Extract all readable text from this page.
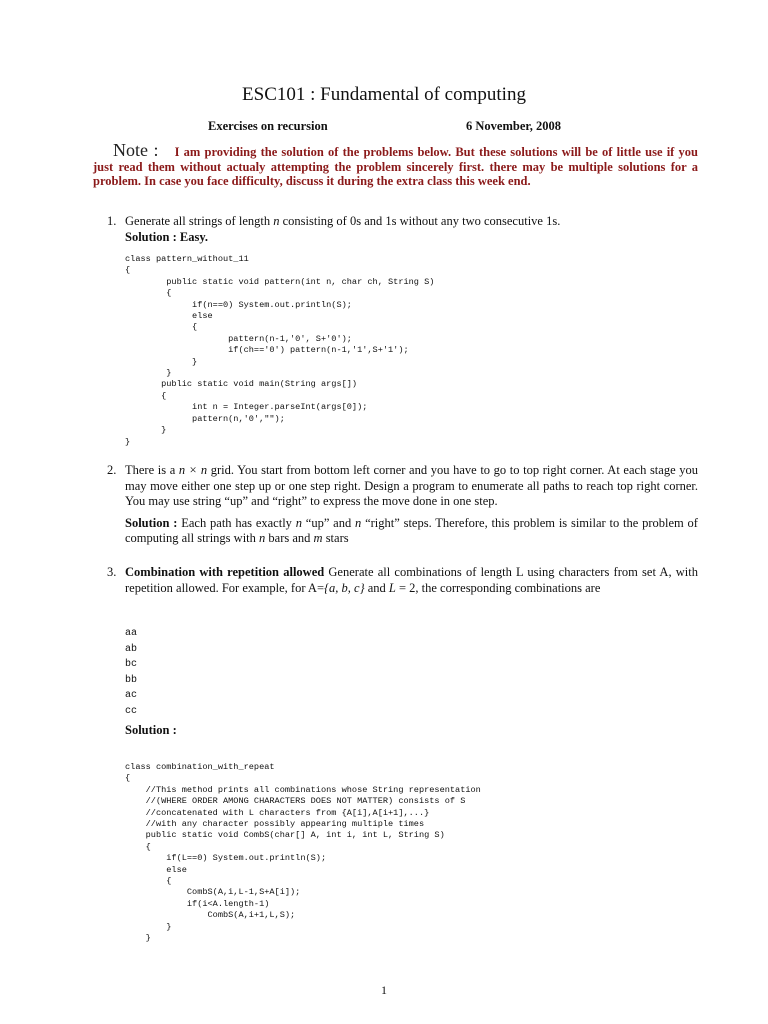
ESC101 : Fundamental of computing
Exercises on recursion	6 November, 2008
Note : I am providing the solution of the problems below. But these solutions will be of little use if you just read them without actualy attempting the problem sincerely first. there may be multiple solutions for a problem. In case you face difficulty, discuss it during the extra class this week end.
1. Generate all strings of length n consisting of 0s and 1s without any two consecutive 1s.
Solution : Easy.
class pattern_without_11
{
public static void pattern(int n, char ch, String S)
{
if(n==0) System.out.println(S);
else
{
pattern(n-1,'0', S+'0');
if(ch=='0') pattern(n-1,'1',S+'1');
}
}
public static void main(String args[])
{
int n = Integer.parseInt(args[0]);
pattern(n,'0',"");
}
}
2. There is a n × n grid. You start from bottom left corner and you have to go to top right corner. At each stage you may move either one step up or one step right. Design a program to enumerate all paths to reach top right corner. You may use string “up” and “right” to express the move done in one step.
Solution : Each path has exactly n “up” and n “right” steps. Therefore, this problem is similar to the problem of computing all strings with n bars and m stars
3. Combination with repetition allowed Generate all combinations of length L using characters from set A, with repetition allowed. For example, for A={a, b, c} and L = 2, the corresponding combinations are
aa
ab
bc
bb
ac
cc
Solution :
class combination_with_repeat
{
//This method prints all combinations whose String representation
//(WHERE ORDER AMONG CHARACTERS DOES NOT MATTER) consists of S
//concatenated with L characters from {A[i],A[i+1],...}
//with any character possibly appearing multiple times
public static void CombS(char[] A, int i, int L, String S)
{
if(L==0) System.out.println(S);
else
{
CombS(A,i,L-1,S+A[i]);
if(i<A.length-1)
CombS(A,i+1,L,S);
}
}
1
